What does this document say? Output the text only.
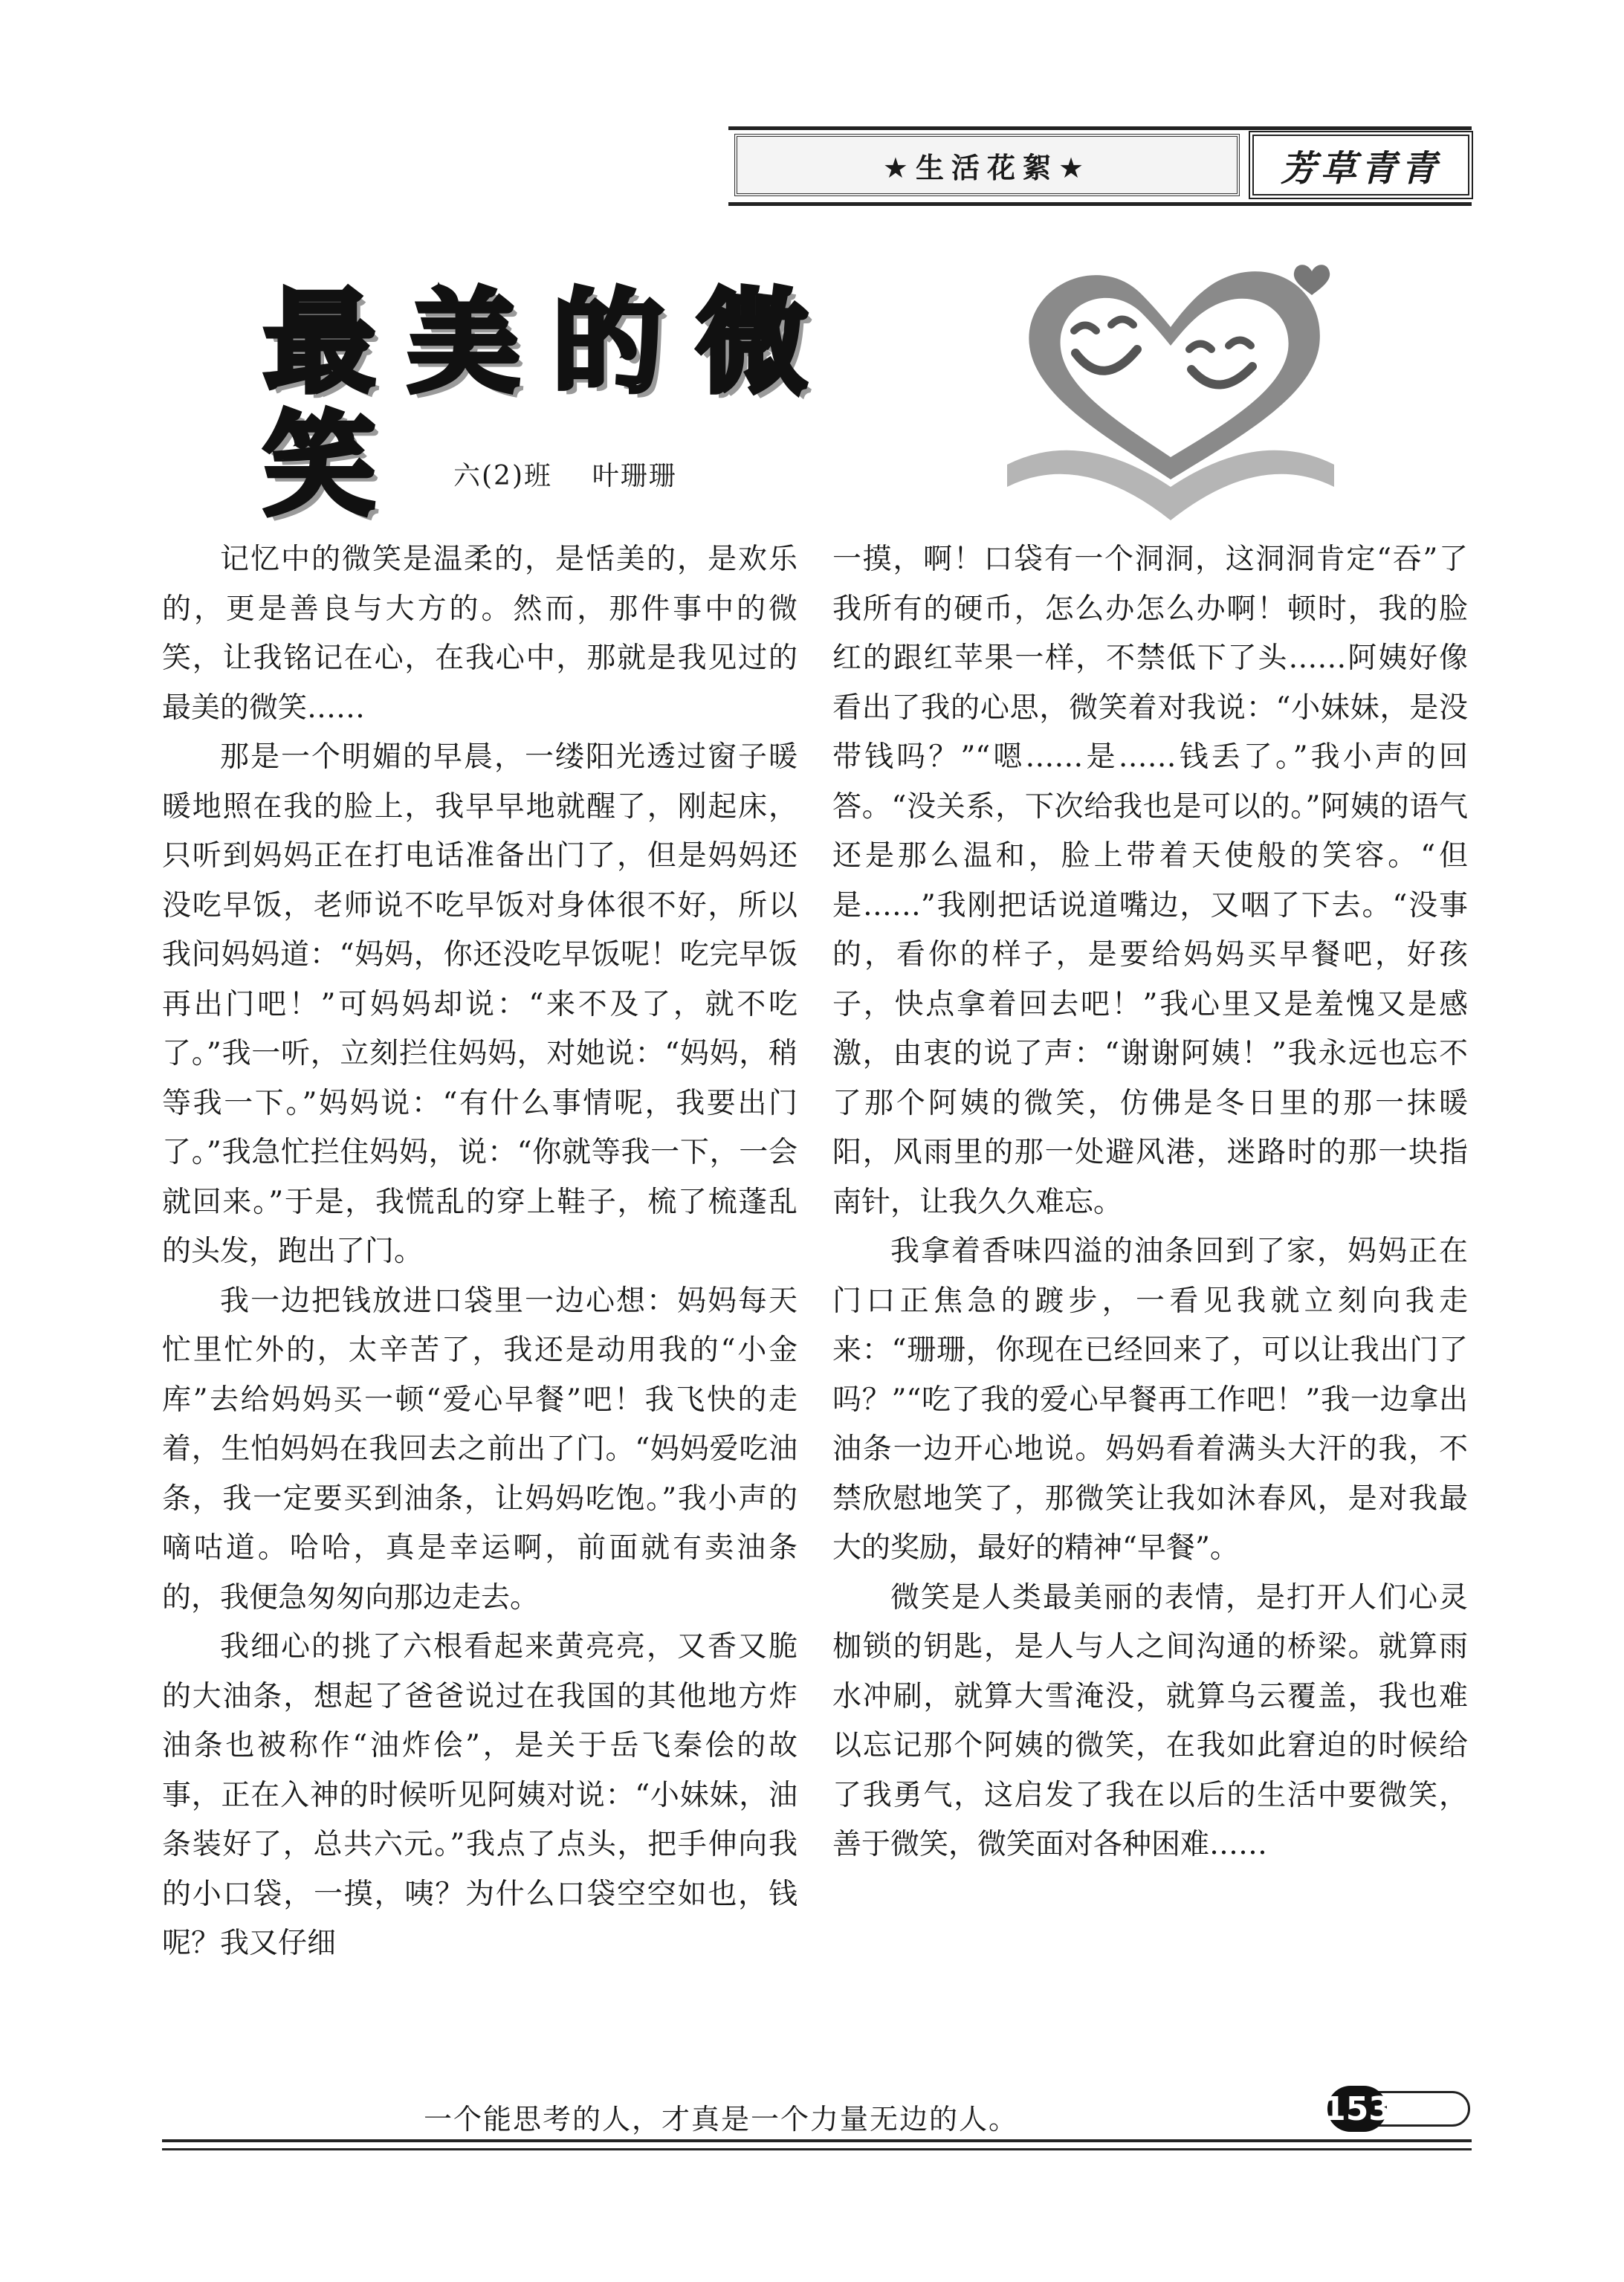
★生活花絮★	芳草青青
最美的微笑	六(2)班    叶珊珊

记忆中的微笑是温柔的，是恬美的，是欢乐的，更是善良与大方的。然而，那件事中的微笑，让我铭记在心，在我心中，那就是我见过的最美的微笑……

那是一个明媚的早晨，一缕阳光透过窗子暖暖地照在我的脸上，我早早地就醒了，刚起床，只听到妈妈正在打电话准备出门了，但是妈妈还没吃早饭，老师说不吃早饭对身体很不好，所以我问妈妈道：“妈妈，你还没吃早饭呢！吃完早饭再出门吧！”可妈妈却说：“来不及了，就不吃了。”我一听，立刻拦住妈妈，对她说：“妈妈，稍等我一下。”妈妈说：“有什么事情呢，我要出门了。”我急忙拦住妈妈，说：“你就等我一下，一会就回来。”于是，我慌乱的穿上鞋子，梳了梳蓬乱的头发，跑出了门。

我一边把钱放进口袋里一边心想：妈妈每天忙里忙外的，太辛苦了，我还是动用我的“小金库”去给妈妈买一顿“爱心早餐”吧！我飞快的走着，生怕妈妈在我回去之前出了门。“妈妈爱吃油条，我一定要买到油条，让妈妈吃饱。”我小声的嘀咕道。哈哈，真是幸运啊，前面就有卖油条的，我便急匆匆向那边走去。

我细心的挑了六根看起来黄亮亮，又香又脆的大油条，想起了爸爸说过在我国的其他地方炸油条也被称作“油炸侩”，是关于岳飞秦侩的故事，正在入神的时候听见阿姨对说：“小妹妹，油条装好了，总共六元。”我点了点头，把手伸向我的小口袋，一摸，咦？为什么口袋空空如也，钱呢？我又仔细

一摸，啊！口袋有一个洞洞，这洞洞肯定“吞”了我所有的硬币，怎么办怎么办啊！顿时，我的脸红的跟红苹果一样，不禁低下了头……阿姨好像看出了我的心思，微笑着对我说：“小妹妹，是没带钱吗？”“嗯……是……钱丢了。”我小声的回答。“没关系，下次给我也是可以的。”阿姨的语气还是那么温和，脸上带着天使般的笑容。“但是……”我刚把话说道嘴边，又咽了下去。“没事的，看你的样子，是要给妈妈买早餐吧，好孩子，快点拿着回去吧！”我心里又是羞愧又是感激，由衷的说了声：“谢谢阿姨！”我永远也忘不了那个阿姨的微笑，仿佛是冬日里的那一抹暖阳，风雨里的那一处避风港，迷路时的那一块指南针，让我久久难忘。

我拿着香味四溢的油条回到了家，妈妈正在门口正焦急的踱步，一看见我就立刻向我走来：“珊珊，你现在已经回来了，可以让我出门了吗？”“吃了我的爱心早餐再工作吧！”我一边拿出油条一边开心地说。妈妈看着满头大汗的我，不禁欣慰地笑了，那微笑让我如沐春风，是对我最大的奖励，最好的精神“早餐”。

微笑是人类最美丽的表情，是打开人们心灵枷锁的钥匙，是人与人之间沟通的桥梁。就算雨水冲刷，就算大雪淹没，就算乌云覆盖，我也难以忘记那个阿姨的微笑，在我如此窘迫的时候给了我勇气，这启发了我在以后的生活中要微笑，善于微笑，微笑面对各种困难……

一个能思考的人，才真是一个力量无边的人。	153
